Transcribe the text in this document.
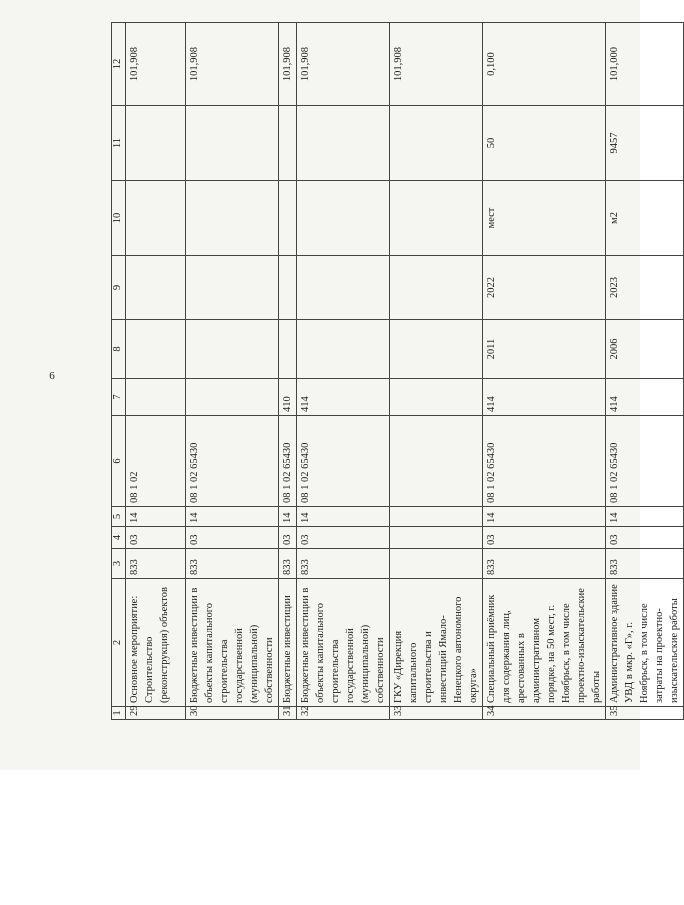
6
1	2	3	4	5	6	7	8	9	10	11	12
29	Основное мероприятие: Строительство (реконструкция) объектов	833	03	14	08 1 02						101,908
30	Бюджетные инвестиции в объекты капитального строительства государственной (муниципальной) собственности	833	03	14	08 1 02 65430						101,908
31	Бюджетные инвестиции	833	03	14	08 1 02 65430	410					101,908
32	Бюджетные инвестиции в объекты капитального строительства государственной (муниципальной) собственности	833	03	14	08 1 02 65430	414					101,908
33	ГКУ «Дирекция капитального строительства и инвестиций Ямало-Ненецкого автономного округа»										101,908
34	Специальный приёмник для содержания лиц, арестованных в административном порядке, на 50 мест, г. Ноябрьск, в том числе проектно-изыскательские работы	833	03	14	08 1 02 65430	414	2011	2022	мест	50	0,100
35	Административное здание УВД в мкр. «Г», г. Ноябрьск, в том числе затраты на проектно-изыскательские работы	833	03	14	08 1 02 65430	414	2006	2023	м2	9457	101,000
